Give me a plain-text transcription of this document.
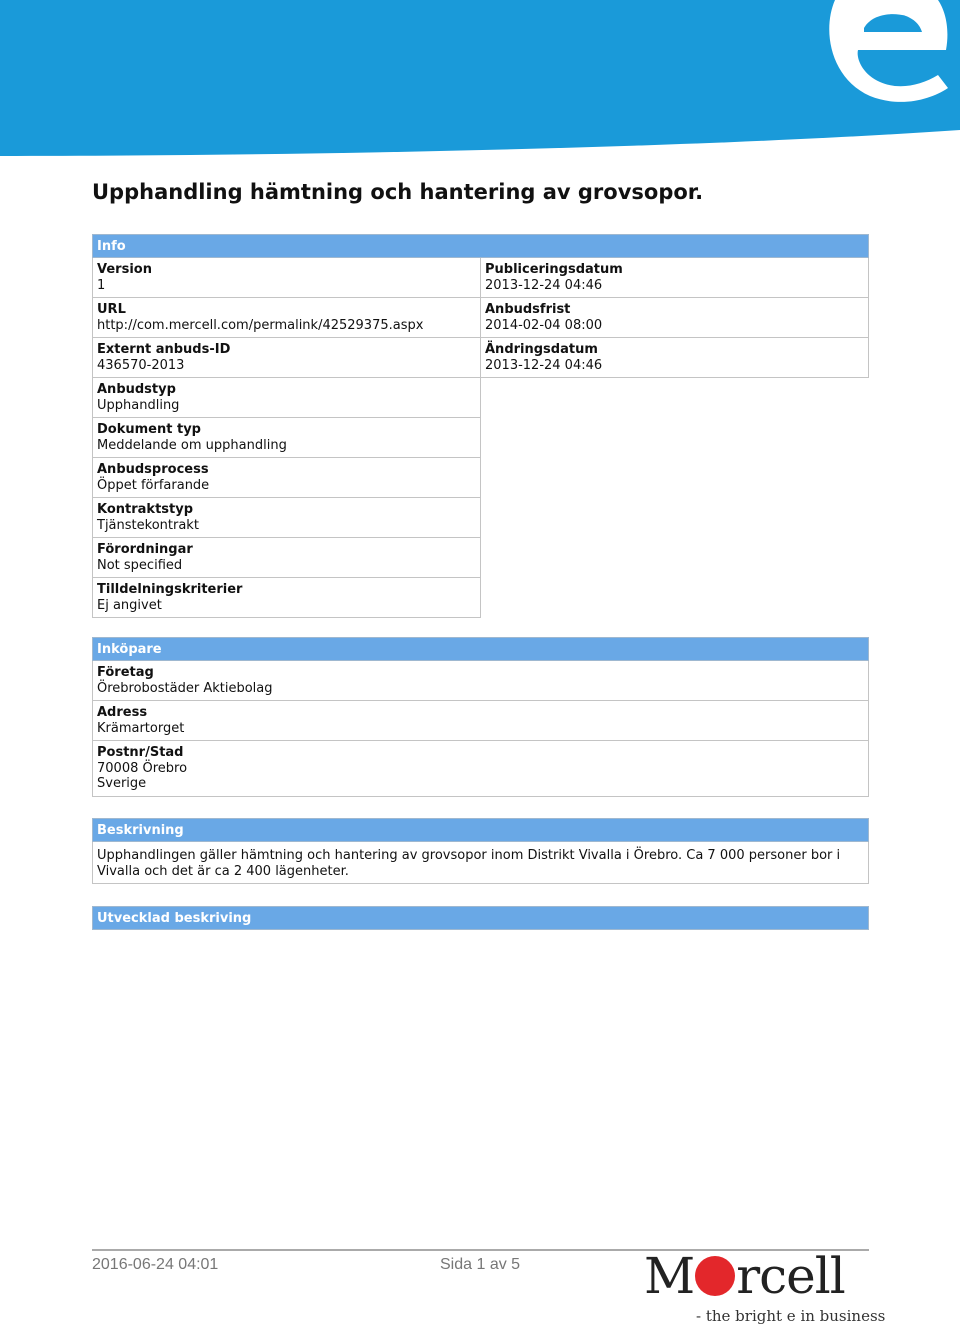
Upphandling hämtning och hantering av grovsopor.
Info
Version
1
URL
http://com.mercell.com/permalink/42529375.aspx
Externt anbuds-ID
436570-2013
Anbudstyp
Upphandling
Dokument typ
Meddelande om upphandling
Anbudsprocess
Öppet förfarande
Kontraktstyp
Tjänstekontrakt
Förordningar
Not specified
Tilldelningskriterier
Ej angivet
Publiceringsdatum
2013-12-24 04:46
Anbudsfrist
2014-02-04 08:00
Ändringsdatum
2013-12-24 04:46
Inköpare
Företag
Örebrobostäder Aktiebolag
Adress
Krämartorget
Postnr/Stad
70008 Örebro
Sverige
Beskrivning
Upphandlingen gäller hämtning och hantering av grovsopor inom Distrikt Vivalla i Örebro. Ca 7 000 personer bor i Vivalla och det är ca 2 400 lägenheter.
Utvecklad beskriving
2016-06-24 04:01	Sida 1 av 5 M rcell
- the bright e in business
